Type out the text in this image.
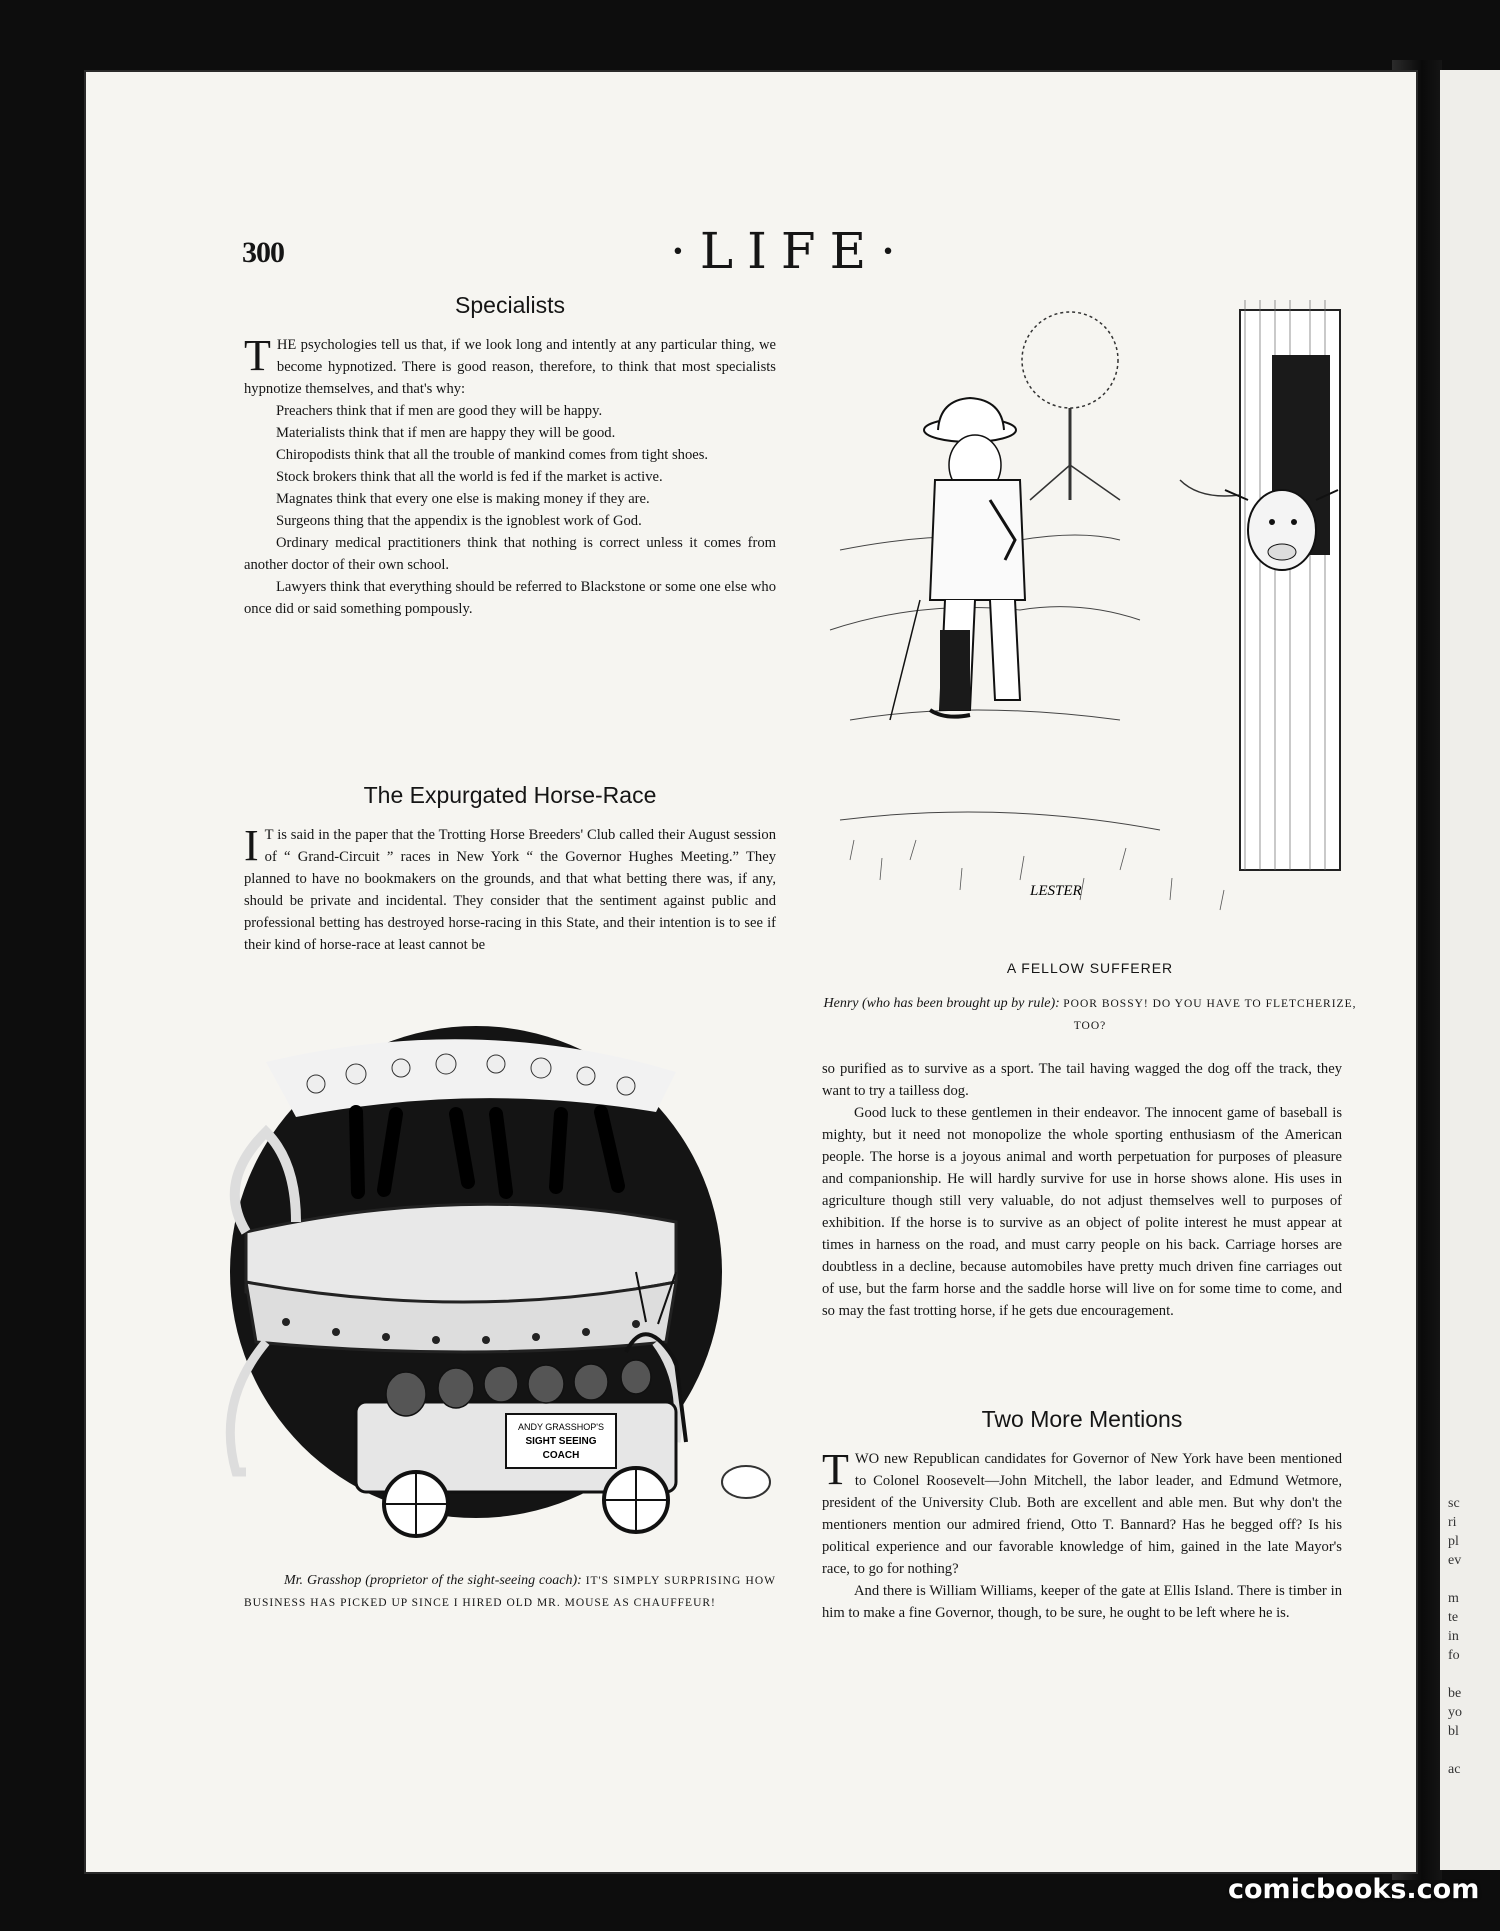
sc
ri
pl
ev

m
te
in
fo

be
yo
bl

ac
300	·LIFE·
Specialists

THE psychologies tell us that, if we look long and intently at any particular thing, we become hypnotized. There is good reason, therefore, to think that most specialists hypnotize themselves, and that's why:

Preachers think that if men are good they will be happy.

Materialists think that if men are happy they will be good.

Chiropodists think that all the trouble of mankind comes from tight shoes.

Stock brokers think that all the world is fed if the market is active.

Magnates think that every one else is making money if they are.

Surgeons thing that the appendix is the ignoblest work of God.

Ordinary medical practitioners think that nothing is correct unless it comes from another doctor of their own school.

Lawyers think that everything should be referred to Blackstone or some one else who once did or said something pompously.

The Expurgated Horse-Race

I T is said in the paper that the Trotting Horse Breeders' Club called their August session of “ Grand-Circuit ” races in New York “ the Governor Hughes Meeting.” They planned to have no bookmakers on the grounds, and that what betting there was, if any, should be private and incidental. They consider that the sentiment against public and professional betting has destroyed horse-racing in this State, and their intention is to see if their kind of horse-race at least cannot be

ANDY GRASSHOP'S
SIGHT SEEING
COACH
Mr. Grasshop (proprietor of the sight-seeing coach): IT'S SIMPLY SURPRISING HOW BUSINESS HAS PICKED UP SINCE I HIRED OLD MR. MOUSE AS CHAUFFEUR!
LESTER
A FELLOW SUFFERER
Henry (who has been brought up by rule): POOR BOSSY! DO YOU HAVE TO FLETCHERIZE, TOO?

so purified as to survive as a sport. The tail having wagged the dog off the track, they want to try a tailless dog.

Good luck to these gentlemen in their endeavor. The innocent game of baseball is mighty, but it need not monopolize the whole sporting enthusiasm of the American people. The horse is a joyous animal and worth perpetuation for purposes of pleasure and companionship. He will hardly survive for use in horse shows alone. His uses in agriculture though still very valuable, do not adjust themselves well to purposes of exhibition. If the horse is to survive as an object of polite interest he must appear at times in harness on the road, and must carry people on his back. Carriage horses are doubtless in a decline, because automobiles have pretty much driven fine carriages out of use, but the farm horse and the saddle horse will live on for some time to come, and so may the fast trotting horse, if he gets due encouragement.

Two More Mentions

TWO new Republican candidates for Governor of New York have been mentioned to Colonel Roosevelt—John Mitchell, the labor leader, and Edmund Wetmore, president of the University Club. Both are excellent and able men. But why don't the mentioners mention our admired friend, Otto T. Bannard? Has he begged off? Is his political experience and our favorable knowledge of him, gained in the late Mayor's race, to go for nothing?

And there is William Williams, keeper of the gate at Ellis Island. There is timber in him to make a fine Governor, though, to be sure, he ought to be left where he is.

comicbooks.com
